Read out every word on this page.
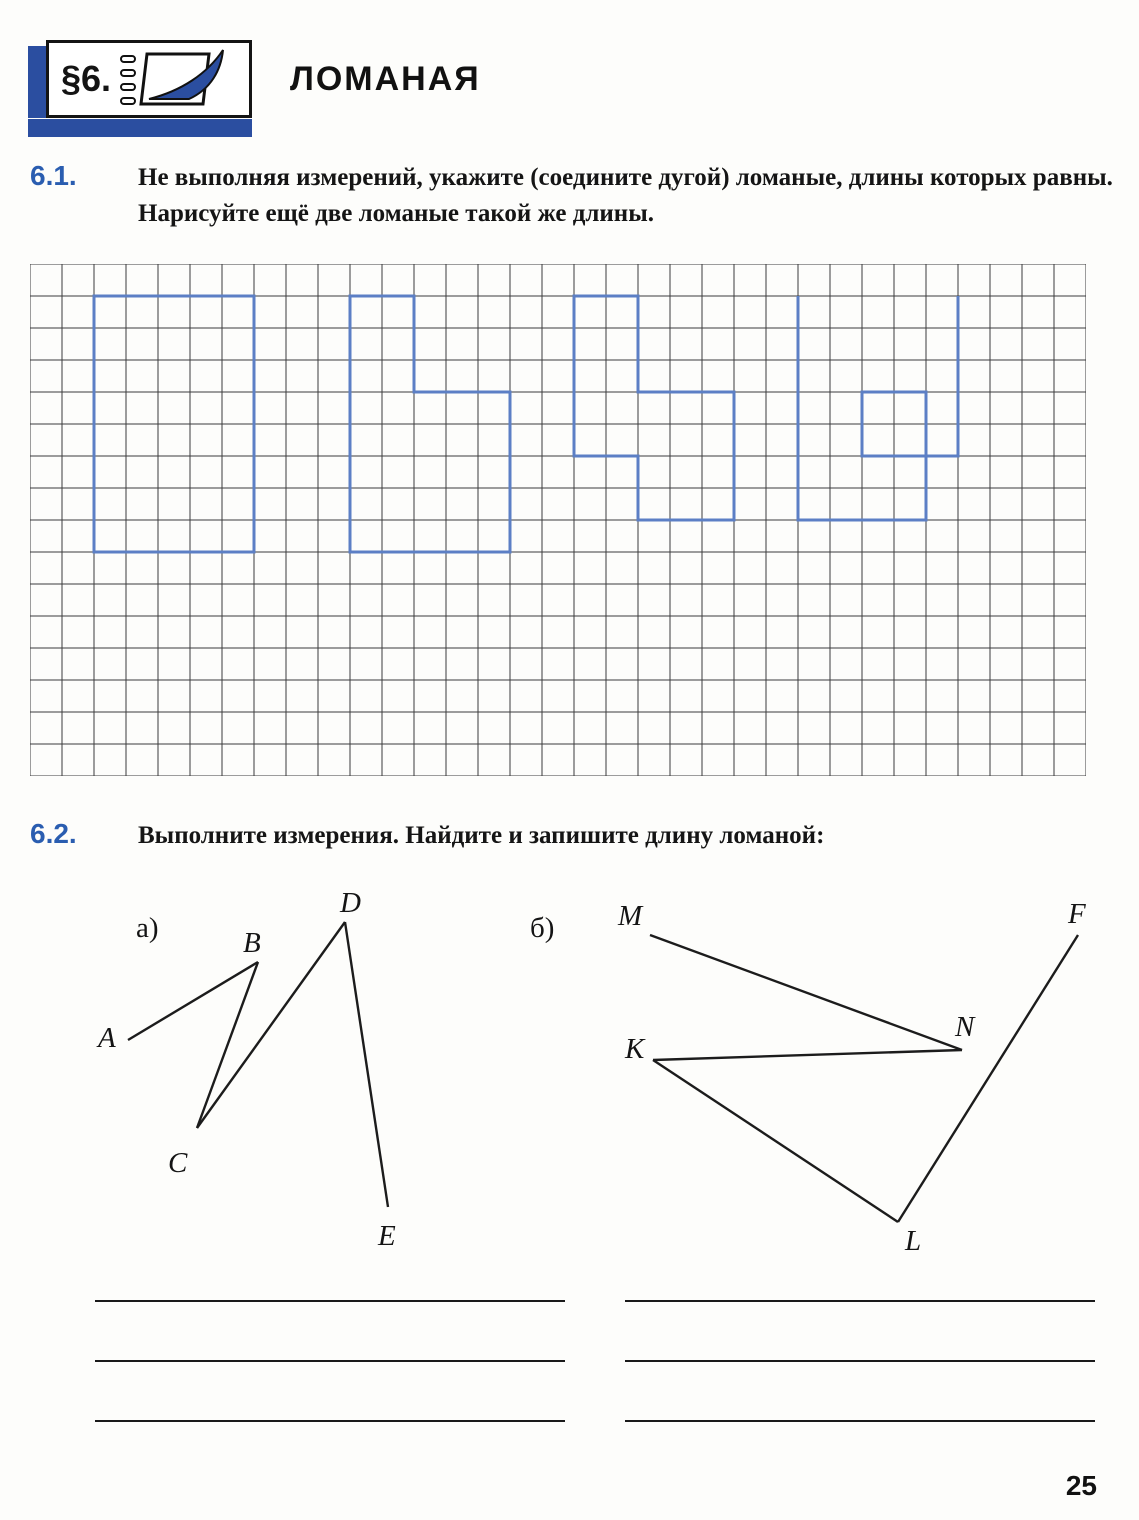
§6.	ЛОМАНАЯ
6.1. Не выполняя измерений, укажите (соедините дугой) ломаные, длины которых равны. Нарисуйте ещё две ломаные такой же длины.

6.2. Выполните измерения. Найдите и запишите длину ломаной:

а)
A
B
C
D
E
б) M	F
K
N
L
25
